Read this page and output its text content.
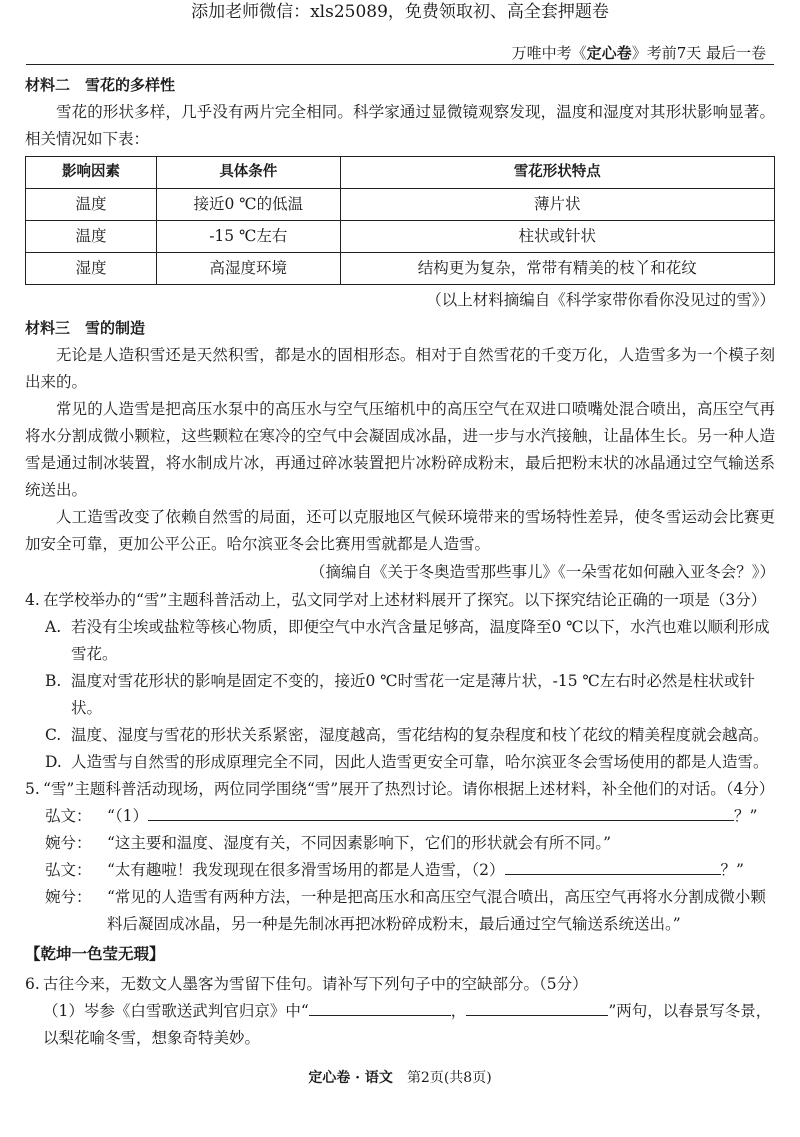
添加老师微信：xls25089，免费领取初、高全套押题卷
万唯中考《定心卷》考前7天 最后一卷
材料二　雪花的多样性

雪花的形状多样，几乎没有两片完全相同。科学家通过显微镜观察发现，温度和湿度对其形状影响显著。相关情况如下表：

影响因素	具体条件	雪花形状特点
温度	接近0 ℃的低温	薄片状
温度	-15 ℃左右	柱状或针状
湿度	高湿度环境	结构更为复杂，常带有精美的枝丫和花纹
（以上材料摘编自《科学家带你看你没见过的雪》）
材料三　雪的制造

无论是人造积雪还是天然积雪，都是水的固相形态。相对于自然雪花的千变万化，人造雪多为一个模子刻出来的。

常见的人造雪是把高压水泵中的高压水与空气压缩机中的高压空气在双进口喷嘴处混合喷出，高压空气再将水分割成微小颗粒，这些颗粒在寒冷的空气中会凝固成冰晶，进一步与水汽接触，让晶体生长。另一种人造雪是通过制冰装置，将水制成片冰，再通过碎冰装置把片冰粉碎成粉末，最后把粉末状的冰晶通过空气输送系统送出。

人工造雪改变了依赖自然雪的局面，还可以克服地区气候环境带来的雪场特性差异，使冬雪运动会比赛更加安全可靠，更加公平公正。哈尔滨亚冬会比赛用雪就都是人造雪。

（摘编自《关于冬奥造雪那些事儿》《一朵雪花如何融入亚冬会？》）
4. 在学校举办的“雪”主题科普活动上，弘文同学对上述材料展开了探究。以下探究结论正确的一项是（3分）
A. 若没有尘埃或盐粒等核心物质，即便空气中水汽含量足够高，温度降至0 ℃以下，水汽也难以顺利形成雪花。
B. 温度对雪花形状的影响是固定不变的，接近0 ℃时雪花一定是薄片状，-15 ℃左右时必然是柱状或针状。
C. 温度、湿度与雪花的形状关系紧密，湿度越高，雪花结构的复杂程度和枝丫花纹的精美程度就会越高。
D. 人造雪与自然雪的形成原理完全不同，因此人造雪更安全可靠，哈尔滨亚冬会雪场使用的都是人造雪。
5. “雪”主题科普活动现场，两位同学围绕“雪”展开了热烈讨论。请你根据上述材料，补全他们的对话。（4分）
弘文： “（1）	？”
婉兮： “这主要和温度、湿度有关，不同因素影响下，它们的形状就会有所不同。”
弘文： “太有趣啦！我发现现在很多滑雪场用的都是人造雪，（2）	？”
婉兮： “常见的人造雪有两种方法，一种是把高压水和高压空气混合喷出，高压空气再将水分割成微小颗料后凝固成冰晶，另一种是先制冰再把冰粉碎成粉末，最后通过空气输送系统送出。”
【乾坤一色莹无瑕】
6. 古往今来，无数文人墨客为雪留下佳句。请补写下列句子中的空缺部分。（5分）
（1）岑参《白雪歌送武判官归京》中“	，	”两句，以春景写冬景，以梨花喻冬雪，想象奇特美妙。
定心卷 · 语文　 第2页(共8页)
